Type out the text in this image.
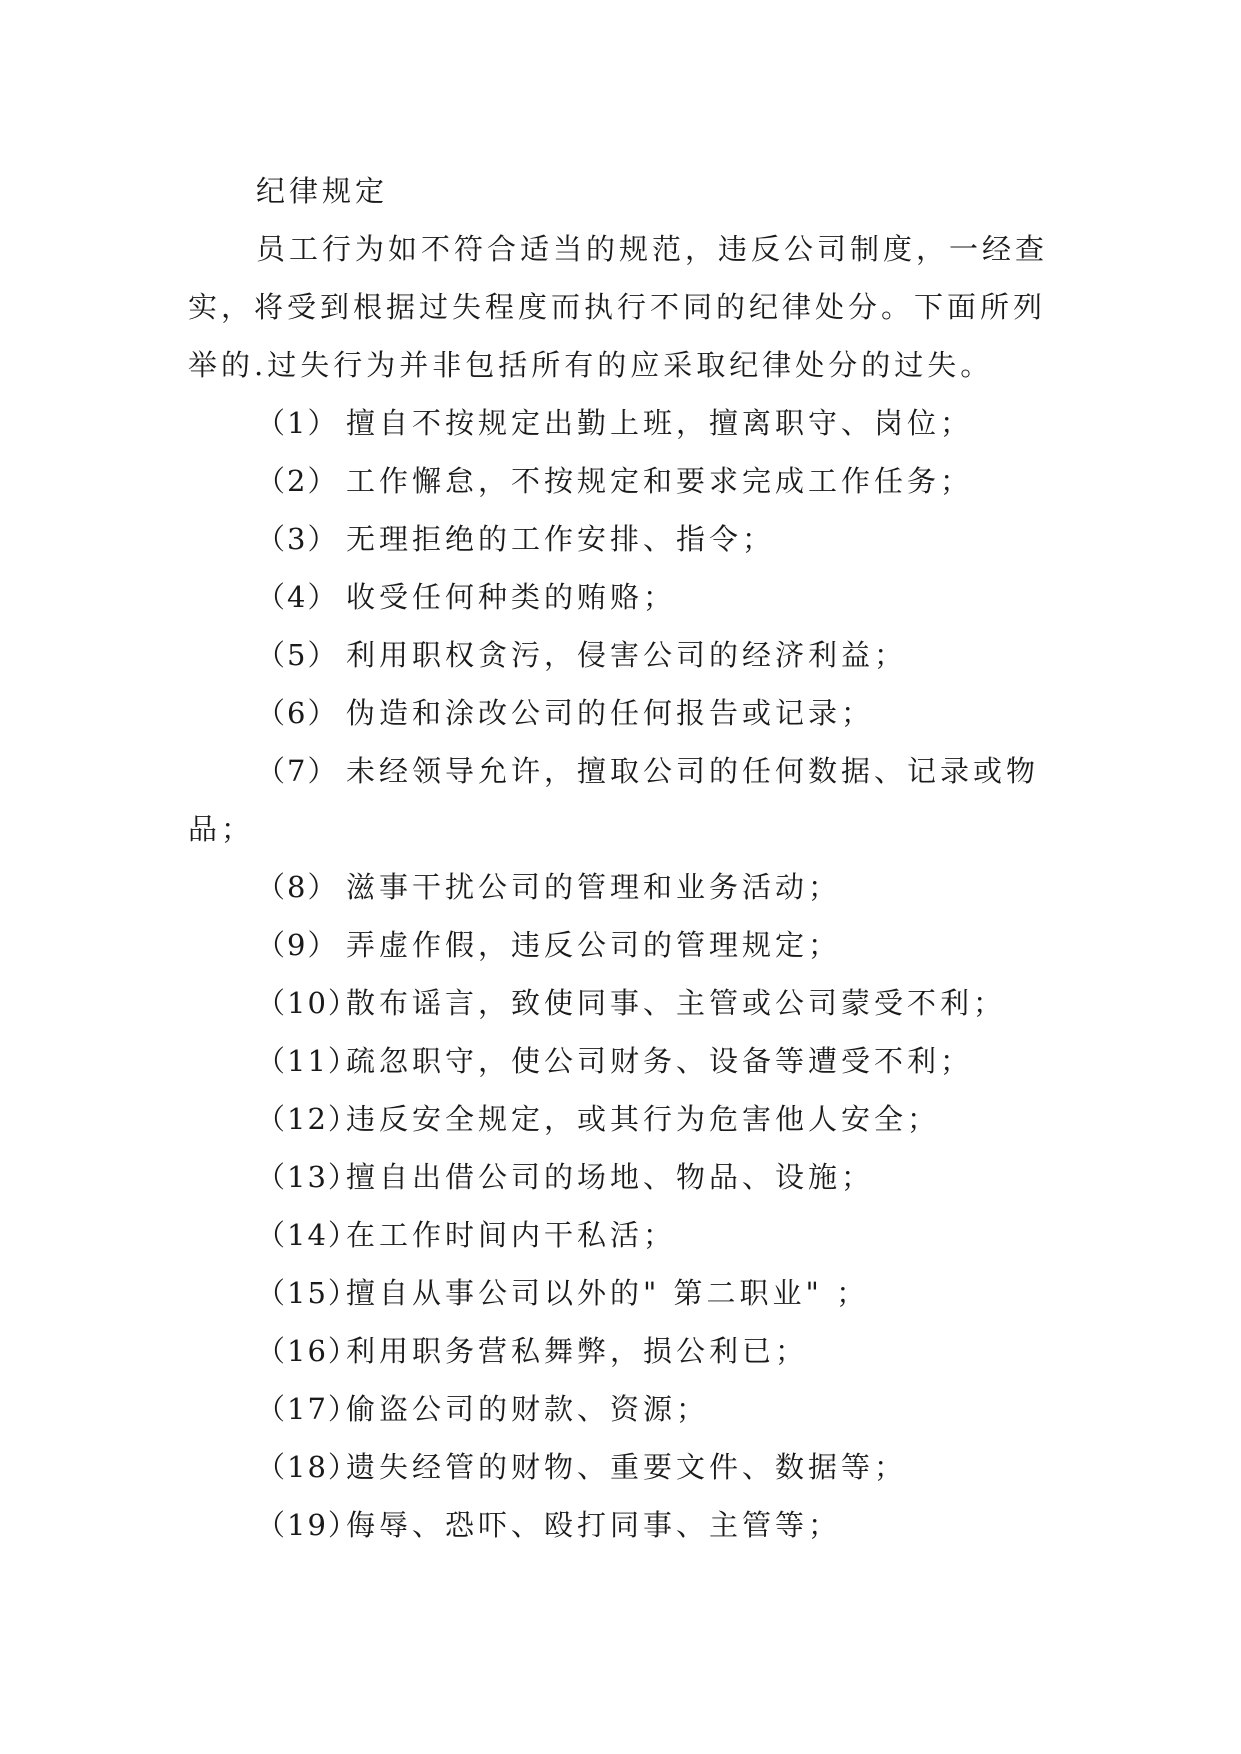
纪律规定
员工行为如不符合适当的规范，违反公司制度，一经查
实，将受到根据过失程度而执行不同的纪律处分。下面所列
举的.过失行为并非包括所有的应采取纪律处分的过失。
（1） 擅自不按规定出勤上班，擅离职守、岗位；
（2） 工作懈怠，不按规定和要求完成工作任务；
（3） 无理拒绝的工作安排、指令；
（4） 收受任何种类的贿赂；
（5） 利用职权贪污，侵害公司的经济利益；
（6） 伪造和涂改公司的任何报告或记录；
（7） 未经领导允许，擅取公司的任何数据、记录或物
品；
（8） 滋事干扰公司的管理和业务活动；
（9） 弄虚作假，违反公司的管理规定；
（10）散布谣言，致使同事、主管或公司蒙受不利；
（11）疏忽职守，使公司财务、设备等遭受不利；
（12）违反安全规定，或其行为危害他人安全；
（13）擅自出借公司的场地、物品、设施；
（14）在工作时间内干私活；
（15）擅自从事公司以外的" 第二职业" ；
（16）利用职务营私舞弊，损公利已；
（17）偷盗公司的财款、资源；
（18）遗失经管的财物、重要文件、数据等；
（19）侮辱、恐吓、殴打同事、主管等；
